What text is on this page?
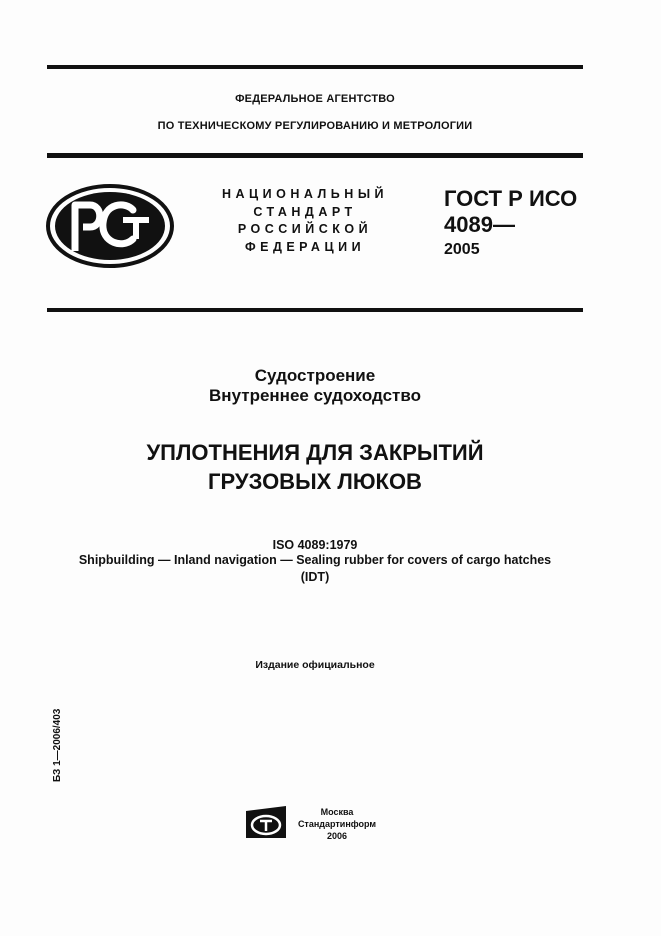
ФЕДЕРАЛЬНОЕ АГЕНТСТВО
ПО ТЕХНИЧЕСКОМУ РЕГУЛИРОВАНИЮ И МЕТРОЛОГИИ
НАЦИОНАЛЬНЫЙ
СТАНДАРТ
РОССИЙСКОЙ
ФЕДЕРАЦИИ
ГОСТ Р ИСО
4089—
2005
Судостроение
Внутреннее судоходство
УПЛОТНЕНИЯ ДЛЯ ЗАКРЫТИЙ
ГРУЗОВЫХ ЛЮКОВ
ISO 4089:1979
Shipbuilding — Inland navigation — Sealing rubber for covers of cargo hatches
(IDT)
Издание официальное
БЗ 1—2006/403
Москва
Стандартинформ
2006
